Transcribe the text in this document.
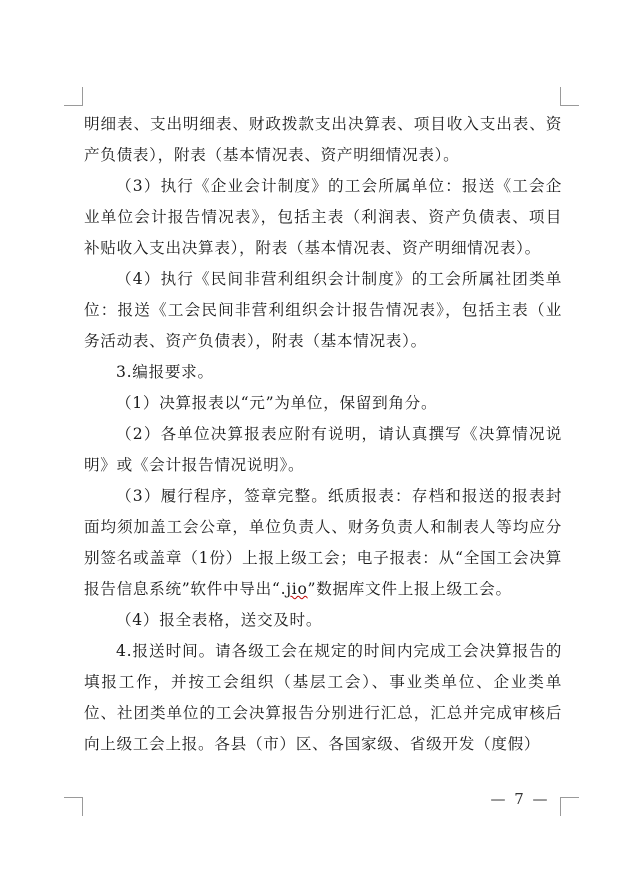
明细表、支出明细表、财政拨款支出决算表、项目收入支出表、资产负债表），附表（基本情况表、资产明细情况表）。

（3）执行《企业会计制度》的工会所属单位：报送《工会企业单位会计报告情况表》，包括主表（利润表、资产负债表、项目补贴收入支出决算表），附表（基本情况表、资产明细情况表）。

（4）执行《民间非营利组织会计制度》的工会所属社团类单位：报送《工会民间非营利组织会计报告情况表》，包括主表（业务活动表、资产负债表），附表（基本情况表）。

3.编报要求。

（1）决算报表以“元”为单位，保留到角分。

（2）各单位决算报表应附有说明，请认真撰写《决算情况说明》或《会计报告情况说明》。

（3）履行程序，签章完整。纸质报表：存档和报送的报表封面均须加盖工会公章，单位负责人、财务负责人和制表人等均应分别签名或盖章（1份）上报上级工会；电子报表：从“全国工会决算报告信息系统”软件中导出“.jio”数据库文件上报上级工会。

（4）报全表格，送交及时。

4.报送时间。请各级工会在规定的时间内完成工会决算报告的填报工作，并按工会组织（基层工会）、事业类单位、企业类单位、社团类单位的工会决算报告分别进行汇总，汇总并完成审核后向上级工会上报。各县（市）区、各国家级、省级开发（度假）

— 7 —
